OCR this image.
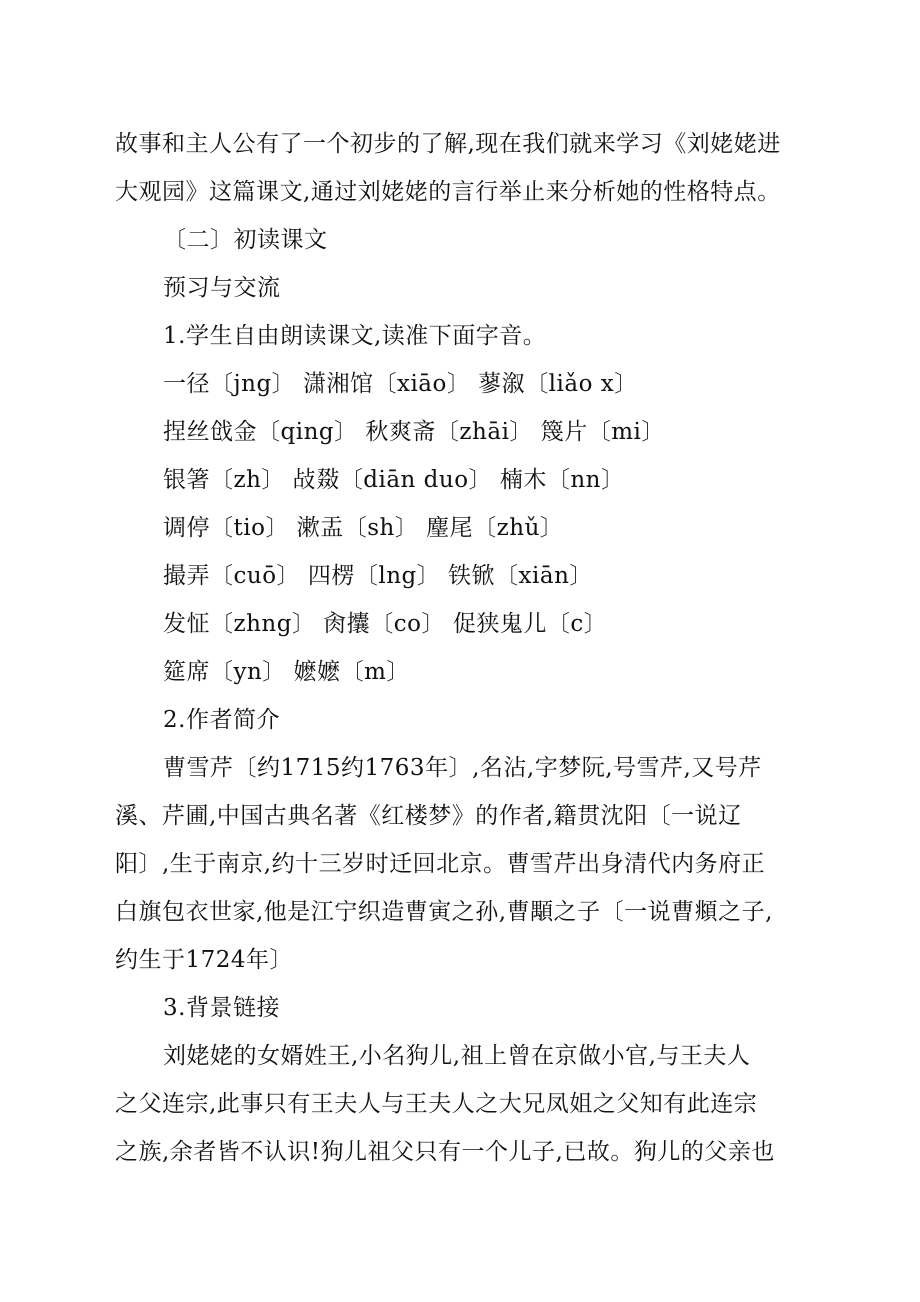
故事和主人公有了一个初步的了解,现在我们就来学习《刘姥姥进
大观园》这篇课文,通过刘姥姥的言行举止来分析她的性格特点。
〔二〕初读课文
预习与交流
1.学生自由朗读课文,读准下面字音。
一径〔jng〕 潇湘馆〔xiāo〕 蓼溆〔liǎo x〕
捏丝戗金〔qing〕 秋爽斋〔zhāi〕 篾片〔mi〕
银箸〔zh〕 敁敠〔diān duo〕 楠木〔nn〕
调停〔tio〕 漱盂〔sh〕 麈尾〔zhǔ〕
撮弄〔cuō〕 四楞〔lng〕 铁锨〔xiān〕
发怔〔zhng〕 肏攮〔co〕 促狭鬼儿〔c〕
筵席〔yn〕 嬷嬷〔m〕
2.作者简介
曹雪芹〔约1715约1763年〕,名沾,字梦阮,号雪芹,又号芹
溪、芹圃,中国古典名著《红楼梦》的作者,籍贯沈阳〔一说辽
阳〕,生于南京,约十三岁时迁回北京。曹雪芹出身清代内务府正
白旗包衣世家,他是江宁织造曹寅之孙,曹顒之子〔一说曹頫之子,
约生于1724年〕
3.背景链接
刘姥姥的女婿姓王,小名狗儿,祖上曾在京做小官,与王夫人
之父连宗,此事只有王夫人与王夫人之大兄凤姐之父知有此连宗
之族,余者皆不认识!狗儿祖父只有一个儿子,已故。狗儿的父亲也
